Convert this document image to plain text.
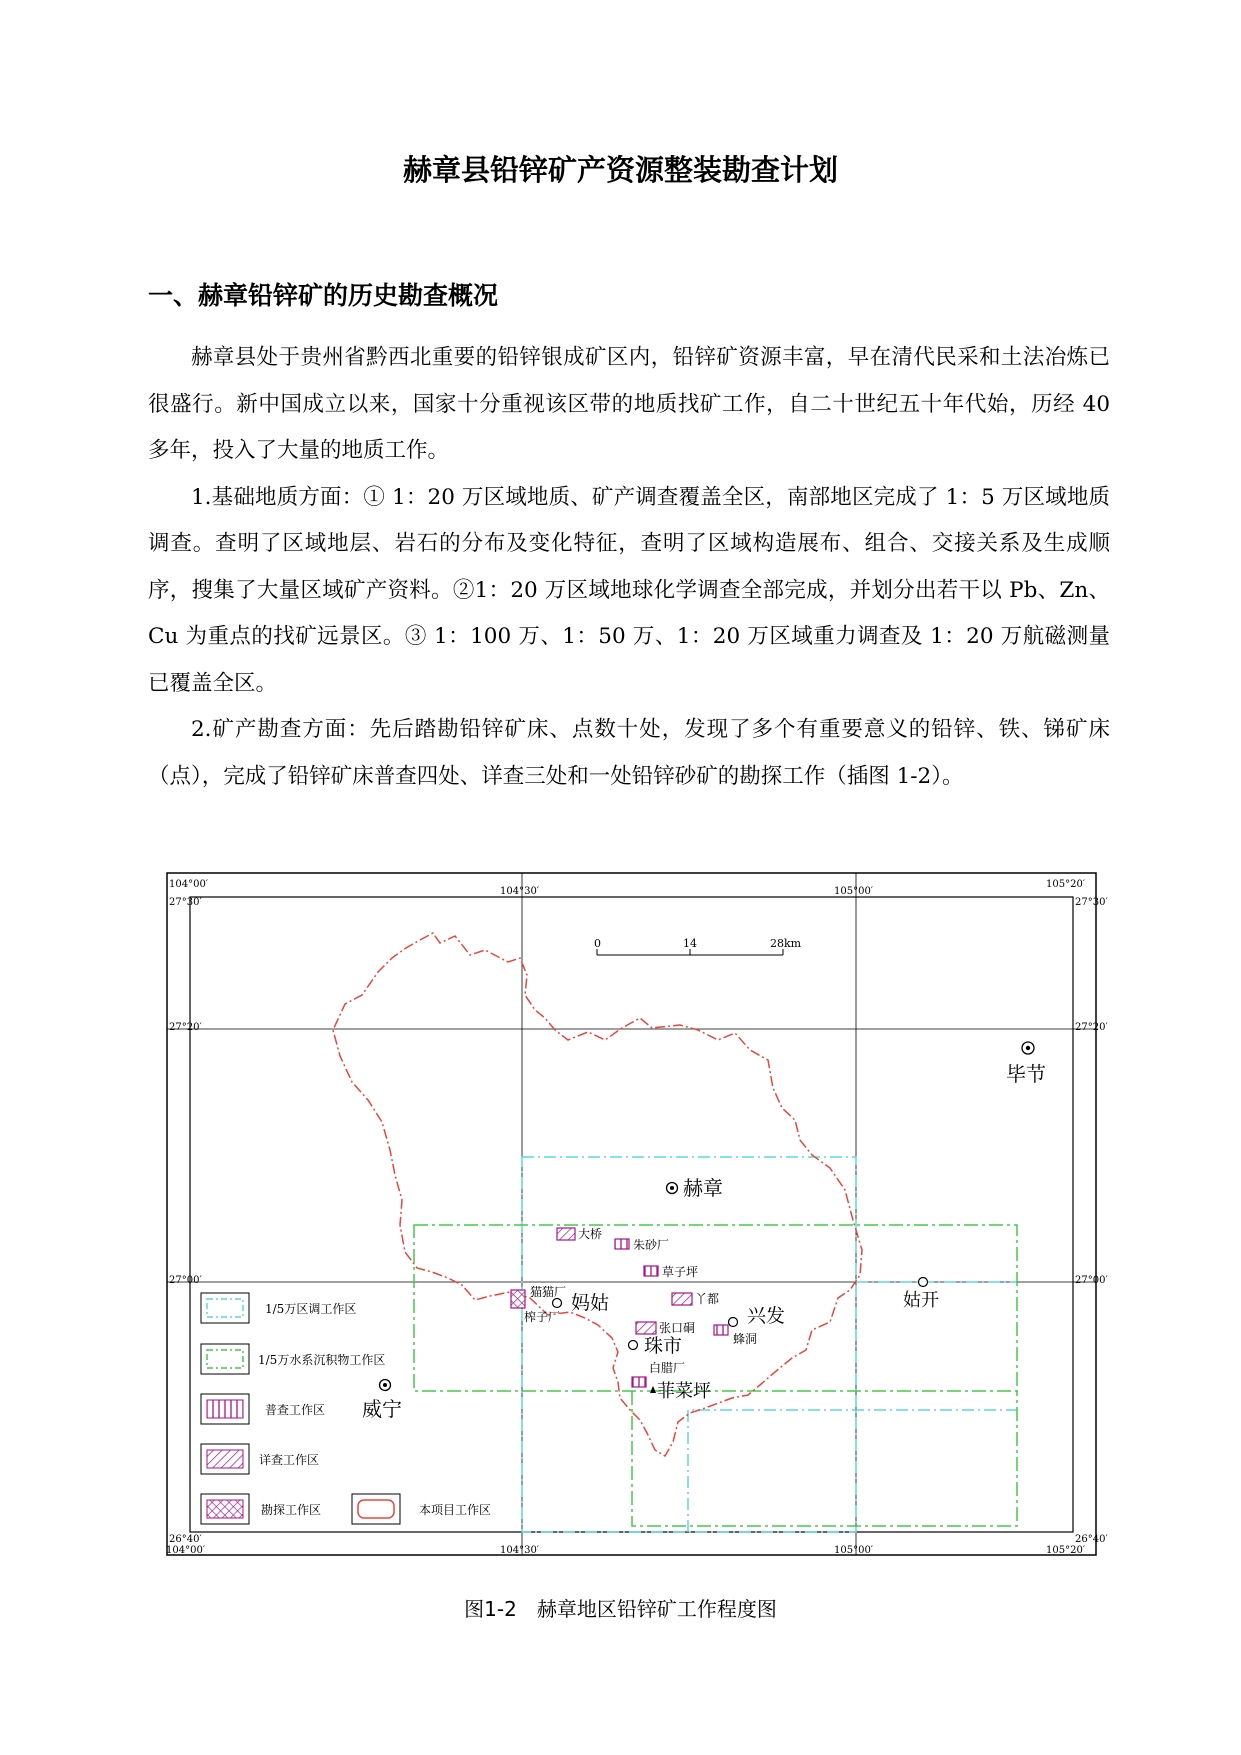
赫章县铅锌矿产资源整装勘查计划
一、赫章铅锌矿的历史勘查概况

赫章县处于贵州省黔西北重要的铅锌银成矿区内，铅锌矿资源丰富，早在清代民采和土法冶炼已很盛行。新中国成立以来，国家十分重视该区带的地质找矿工作，自二十世纪五十年代始，历经 40 多年，投入了大量的地质工作。

1.基础地质方面：① 1：20 万区域地质、矿产调查覆盖全区，南部地区完成了 1：5 万区域地质调查。查明了区域地层、岩石的分布及变化特征，查明了区域构造展布、组合、交接关系及生成顺序，搜集了大量区域矿产资料。②1：20 万区域地球化学调查全部完成，并划分出若干以 Pb、Zn、Cu 为重点的找矿远景区。③ 1：100 万、1：50 万、1：20 万区域重力调查及 1：20 万航磁测量已覆盖全区。

2.矿产勘查方面：先后踏勘铅锌矿床、点数十处，发现了多个有重要意义的铅锌、铁、锑矿床（点），完成了铅锌矿床普查四处、详查三处和一处铅锌砂矿的勘探工作（插图 1-2）。

104°00′
104°30′	105°00′
105°20′
27°30′	27°30′
27°20′	27°20′
27°00′	27°00′
26°40′	26°40′
104°00′	104°30′	105°00′	105°20′
0	14	28km
毕节
赫章
妈姑
兴发
姑开
珠市
威宁
菲菜坪
大桥
朱砂厂
草子坪
猫猫厂
榨子厂
丫都
张口硐
蜂洞
白腊厂
1/5万区调工作区
1/5万水系沉积物工作区
普查工作区
详查工作区
勘探工作区	本项目工作区
图1-2　赫章地区铅锌矿工作程度图
